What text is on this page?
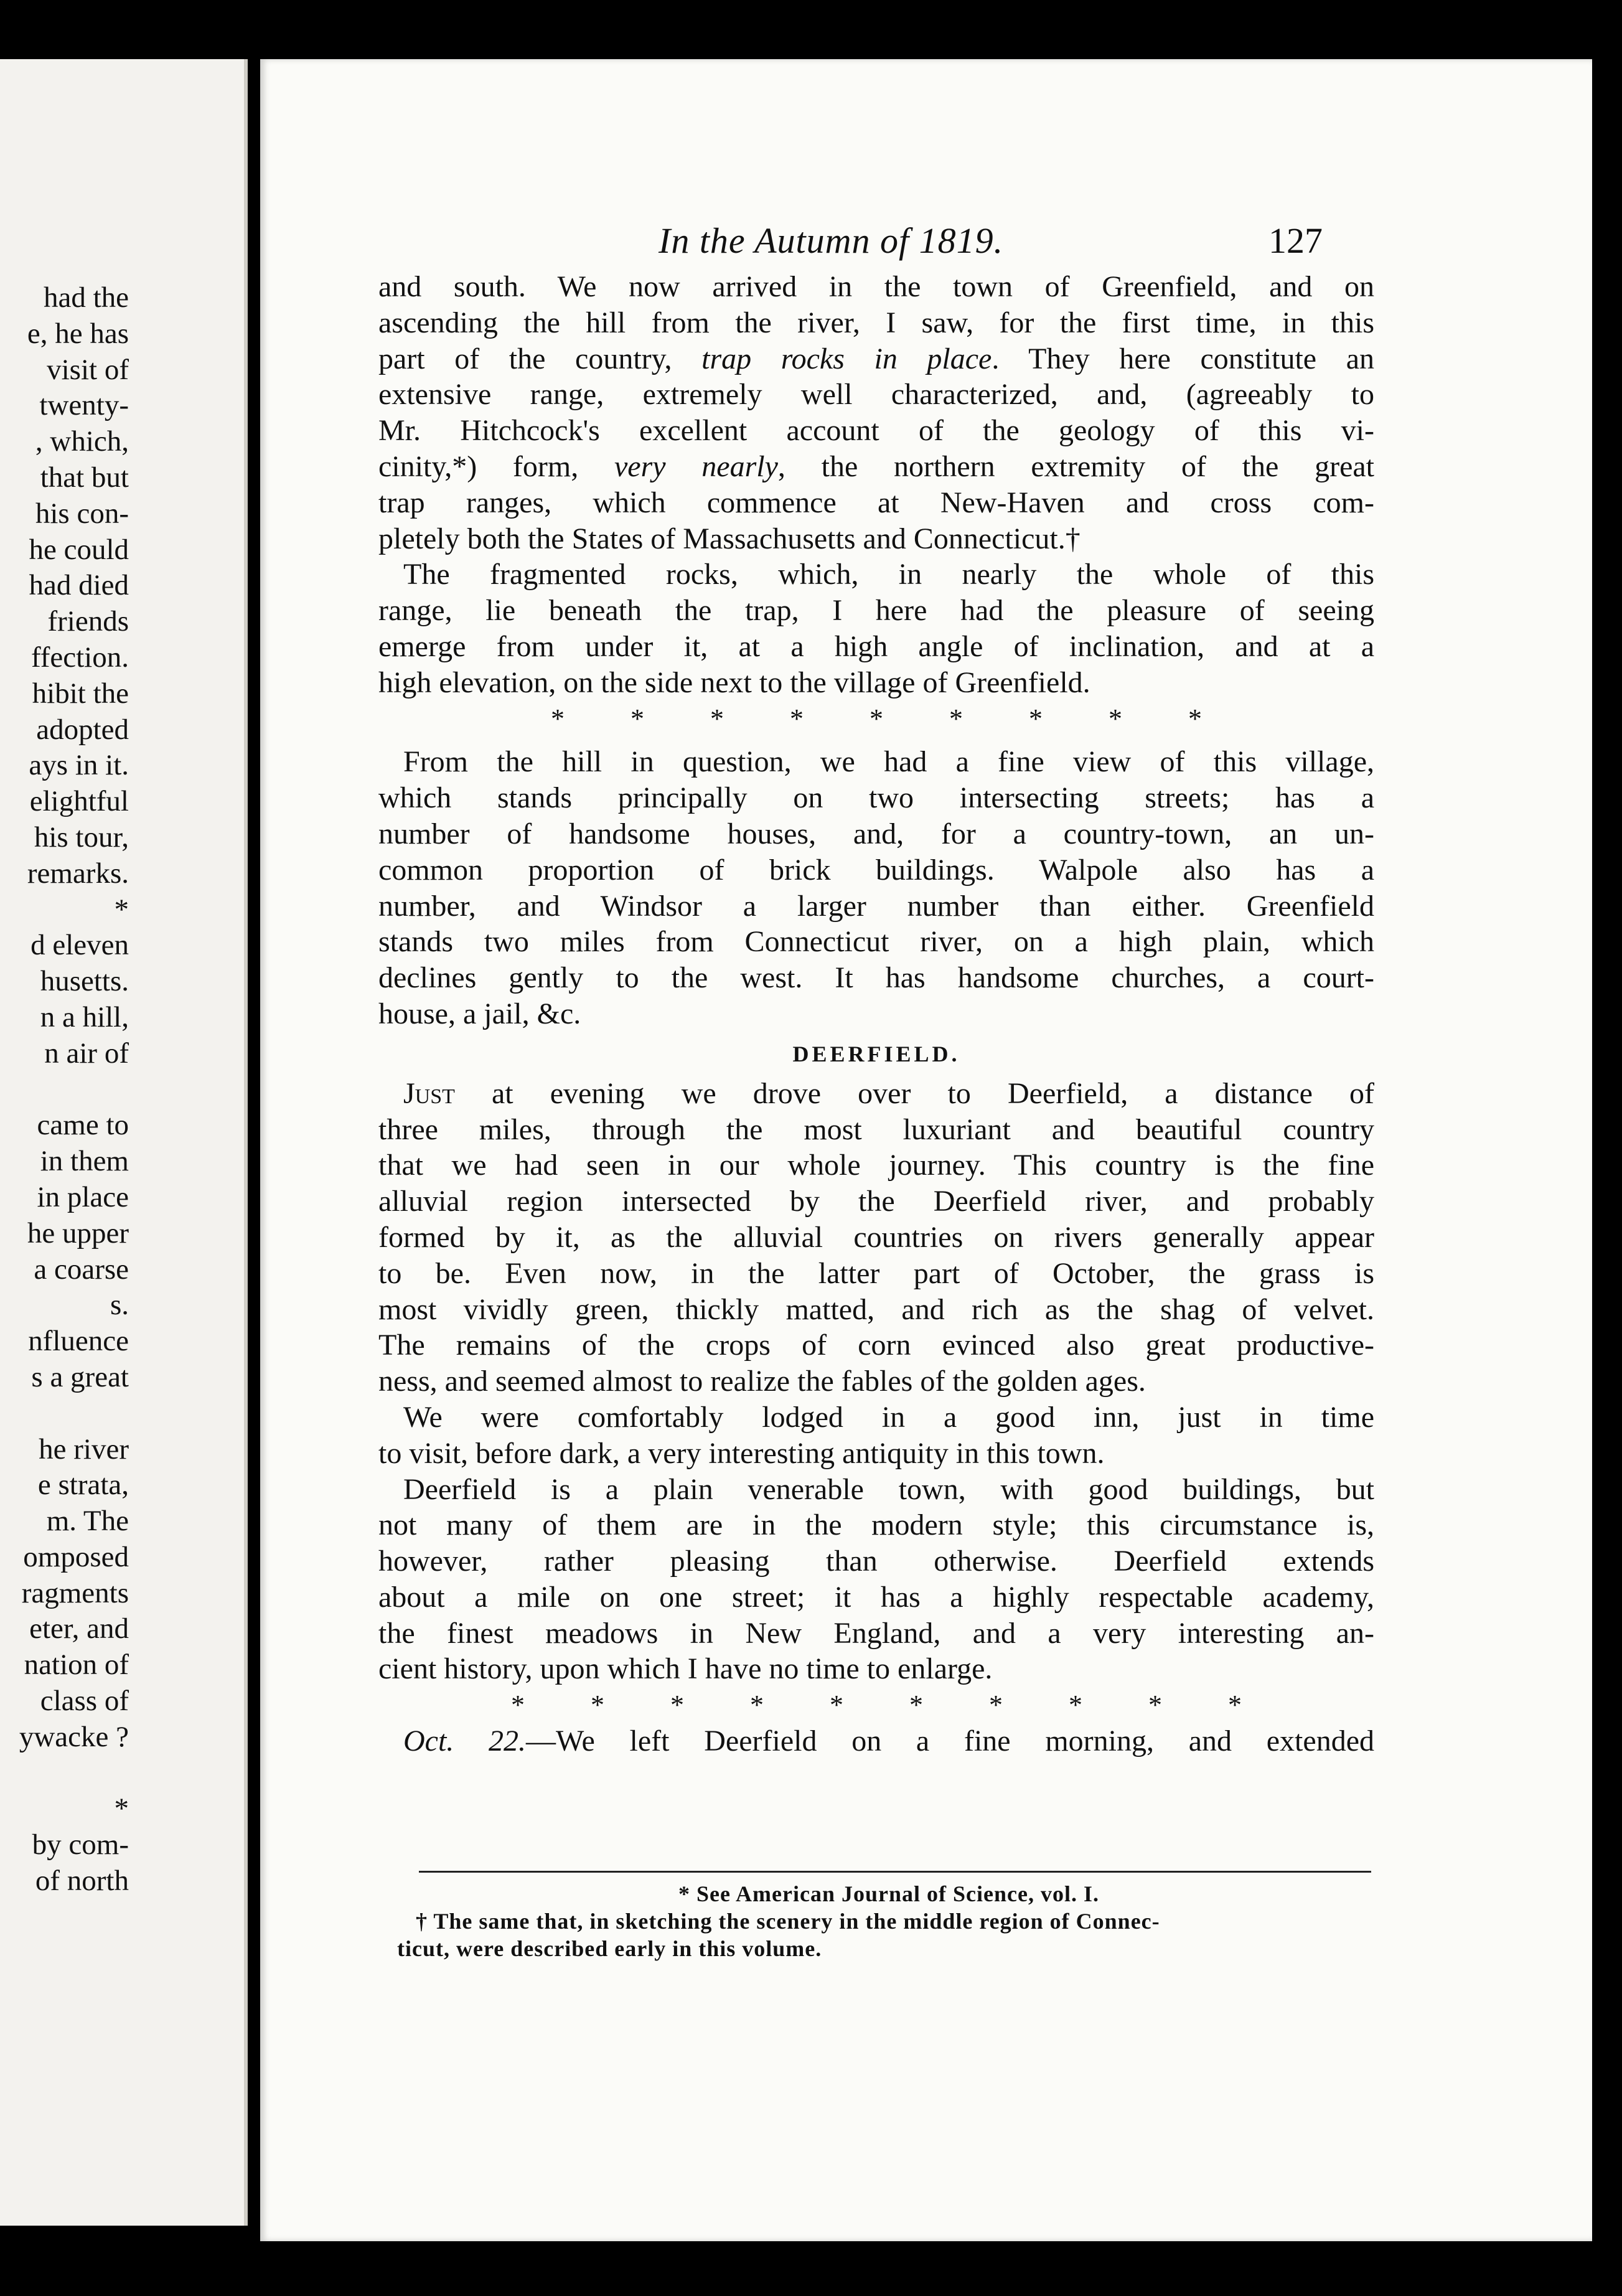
had the
e, he has
visit of
twenty-
, which,
that but
his con-
he could
had died
friends
ffection.
hibit the
adopted
ays in it.
elightful
his tour,
remarks.
*
d eleven
husetts.
n a hill,
n air of
came to
in them
in place
he upper
a coarse
s.
nfluence
s a great
he river
e strata,
m. The
omposed
ragments
eter, and
nation of
class of
ywacke ?
*
by com-
of north
In the Autumn of 1819.	127
and south. We now arrived in the town of Greenfield, and on
ascending the hill from the river, I saw, for the first time, in this
part of the country, trap rocks in place. They here constitute an
extensive range, extremely well characterized, and, (agreeably to
Mr. Hitchcock's excellent account of the geology of this vi-
cinity,*) form, very nearly, the northern extremity of the great
trap ranges, which commence at New-Haven and cross com-
pletely both the States of Massachusetts and Connecticut.†
The fragmented rocks, which, in nearly the whole of this
range, lie beneath the trap, I here had the pleasure of seeing
emerge from under it, at a high angle of inclination, and at a
high elevation, on the side next to the village of Greenfield.
* * * * * * * * *
From the hill in question, we had a fine view of this village,
which stands principally on two intersecting streets; has a
number of handsome houses, and, for a country-town, an un-
common proportion of brick buildings. Walpole also has a
number, and Windsor a larger number than either. Greenfield
stands two miles from Connecticut river, on a high plain, which
declines gently to the west. It has handsome churches, a court-
house, a jail, &c.
DEERFIELD.
Just at evening we drove over to Deerfield, a distance of
three miles, through the most luxuriant and beautiful country
that we had seen in our whole journey. This country is the fine
alluvial region intersected by the Deerfield river, and probably
formed by it, as the alluvial countries on rivers generally appear
to be. Even now, in the latter part of October, the grass is
most vividly green, thickly matted, and rich as the shag of velvet.
The remains of the crops of corn evinced also great productive-
ness, and seemed almost to realize the fables of the golden ages.
We were comfortably lodged in a good inn, just in time
to visit, before dark, a very interesting antiquity in this town.
Deerfield is a plain venerable town, with good buildings, but
not many of them are in the modern style; this circumstance is,
however, rather pleasing than otherwise. Deerfield extends
about a mile on one street; it has a highly respectable academy,
the finest meadows in New England, and a very interesting an-
cient history, upon which I have no time to enlarge.
* * * * * * * * * *
Oct. 22.—We left Deerfield on a fine morning, and extended
* See American Journal of Science, vol. I.
† The same that, in sketching the scenery in the middle region of Connec-
ticut, were described early in this volume.
